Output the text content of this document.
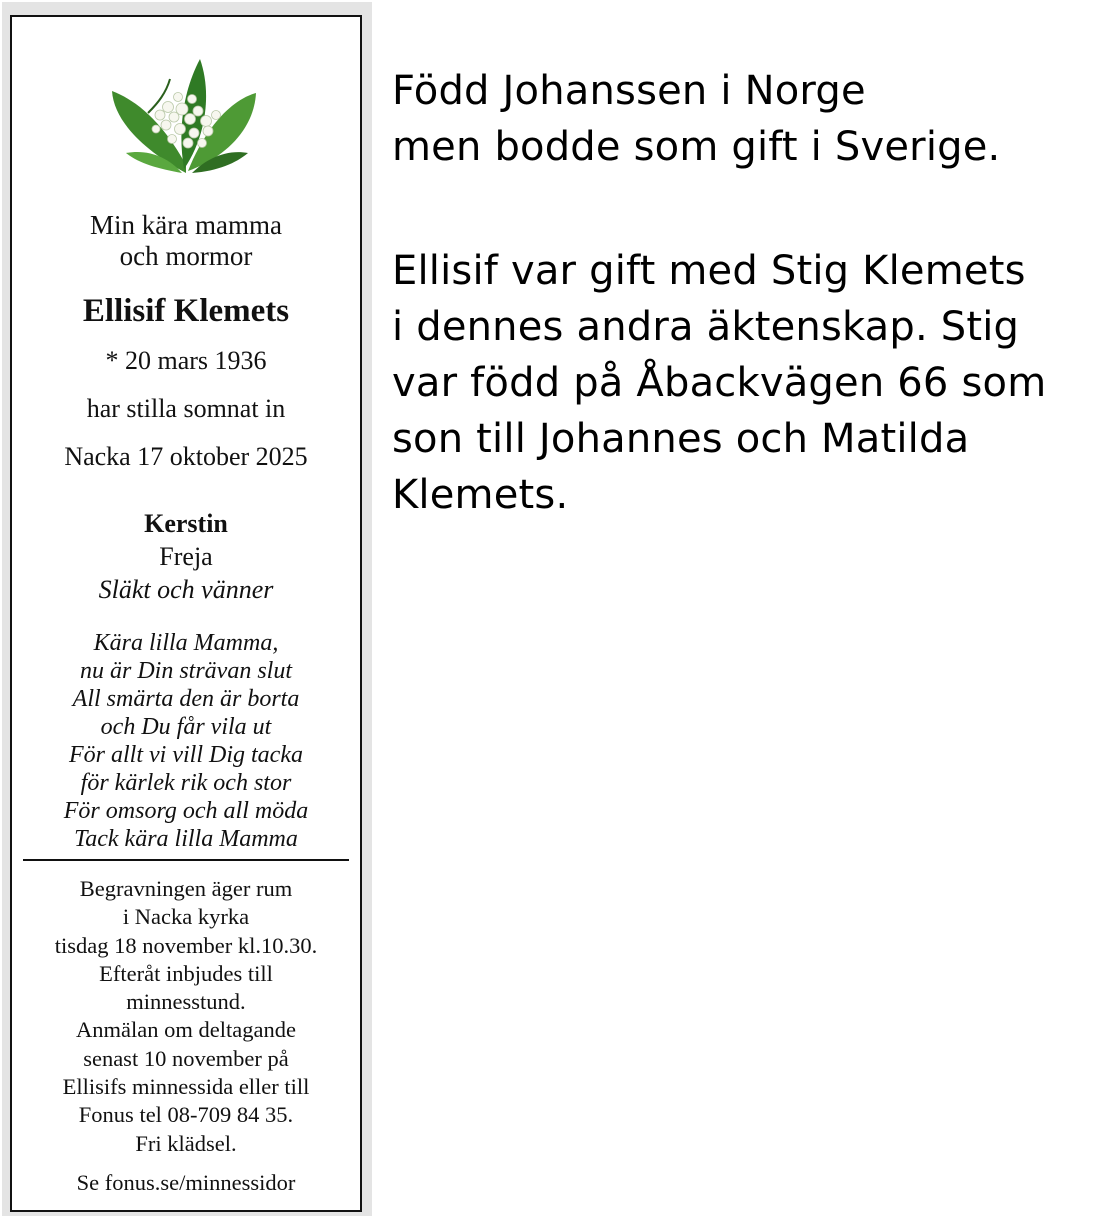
Min kära mamma
och mormor
Ellisif Klemets
* 20 mars 1936
har stilla somnat in
Nacka 17 oktober 2025
Kerstin
Freja
Släkt och vänner
Kära lilla Mamma,
nu är Din strävan slut
All smärta den är borta
och Du får vila ut
För allt vi vill Dig tacka
för kärlek rik och stor
För omsorg och all möda
Tack kära lilla Mamma
Begravningen äger rum
i Nacka kyrka
tisdag 18 november kl.10.30.
Efteråt inbjudes till
minnesstund.
Anmälan om deltagande
senast 10 november på
Ellisifs minnessida eller till
Fonus tel 08-709 84 35.
Fri klädsel.
Se fonus.se/minnessidor

Född Johanssen i Norge

men bodde som gift i Sverige.

Ellisif var gift med Stig Klemets

i dennes andra äktenskap. Stig

var född på Åbackvägen 66 som

son till Johannes och Matilda

Klemets.
